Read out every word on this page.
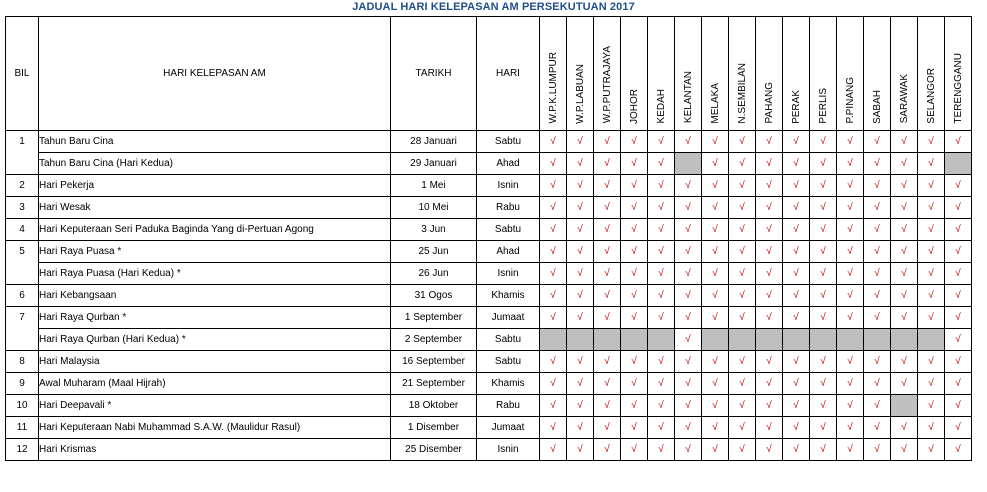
JADUAL HARI KELEPASAN AM PERSEKUTUAN 2017
BIL	HARI KELEPASAN AM	TARIKH	HARI	W.P.K.LUMPUR	W.P.LABUAN	W.P.PUTRAJAYA	JOHOR	KEDAH	KELANTAN	MELAKA	N.SEMBILAN	PAHANG	PERAK	PERLIS	P.PINANG	SABAH	SARAWAK	SELANGOR	TERENGGANU

1	Tahun Baru Cina	28 Januari	Sabtu	√	√	√	√	√	√	√	√	√	√	√	√	√	√	√	√
	Tahun Baru Cina (Hari Kedua)	29 Januari	Ahad	√	√	√	√	√		√	√	√	√	√	√	√	√	√	
2	Hari Pekerja	1 Mei	Isnin	√	√	√	√	√	√	√	√	√	√	√	√	√	√	√	√
3	Hari Wesak	10 Mei	Rabu	√	√	√	√	√	√	√	√	√	√	√	√	√	√	√	√
4	Hari Keputeraan Seri Paduka Baginda Yang di-Pertuan Agong	3 Jun	Sabtu	√	√	√	√	√	√	√	√	√	√	√	√	√	√	√	√
5	Hari Raya Puasa *	25 Jun	Ahad	√	√	√	√	√	√	√	√	√	√	√	√	√	√	√	√
	Hari Raya Puasa (Hari Kedua) *	26 Jun	Isnin	√	√	√	√	√	√	√	√	√	√	√	√	√	√	√	√
6	Hari Kebangsaan	31 Ogos	Khamis	√	√	√	√	√	√	√	√	√	√	√	√	√	√	√	√
7	Hari Raya Qurban *	1 September	Jumaat	√	√	√	√	√	√	√	√	√	√	√	√	√	√	√	√
	Hari Raya Qurban (Hari Kedua) *	2 September	Sabtu						√										√
8	Hari Malaysia	16 September	Sabtu	√	√	√	√	√	√	√	√	√	√	√	√	√	√	√	√
9	Awal Muharam (Maal Hijrah)	21 September	Khamis	√	√	√	√	√	√	√	√	√	√	√	√	√	√	√	√
10	Hari Deepavali *	18 Oktober	Rabu	√	√	√	√	√	√	√	√	√	√	√	√	√		√	√
11	Hari Keputeraan Nabi Muhammad S.A.W. (Maulidur Rasul)	1 Disember	Jumaat	√	√	√	√	√	√	√	√	√	√	√	√	√	√	√	√
12	Hari Krismas	25 Disember	Isnin	√	√	√	√	√	√	√	√	√	√	√	√	√	√	√	√
